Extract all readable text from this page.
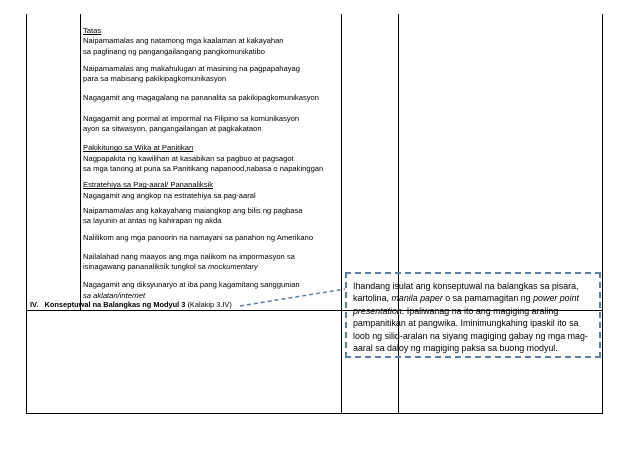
Tatas
Naipamamalas ang natamong mga kaalaman at kakayahan
sa paglinang ng pangangailangang pangkomunikatibo
Naipamamalas ang makahulugan at masining na pagpapahayag
para sa mabisang pakikipagkomunikasyon
Nagagamit ang magagalang na pananalita sa pakikipagkomunikasyon
Nagagamit ang pormal at impormal na Filipino sa komunikasyon
ayon sa sitwasyon, pangangailangan at pagkakataon
Pakikitungo sa Wika at Panitikan
Nagpapakita ng kawilihan at kasabikan sa pagbuo at pagsagot
sa mga tanong at puna sa Panitikang napanood,nabasa o napakinggan
Estratehiya sa Pag-aaral/ Pananaliksik
Nagagamit ang angkop na estratehiya sa pag-aaral
Naipamamalas ang kakayahang maiangkop ang bilis ng pagbasa
sa layunin at antas ng kahirapan ng akda
Nalilikom ang mga panoorin na namayani sa panahon ng Amerikano
Nailalahad nang maayos ang mga nalikom na impormasyon sa
isinagawang pananaliksik tungkol sa mockumentary
Nagagamit ang diksyunaryo at iba pang kagamitang sanggunian
sa aklatan/internet
IV. Konseptuwal na Balangkas ng Modyul 3 (Kalakip 3.IV)
Ihandang isulat ang konseptuwal na balangkas sa pisara, kartolina, manila paper o sa pamamagitan ng power point presentation. Ipaliwanag na ito ang magiging araling pampanitikan at pangwika. Iminimungkahing ipaskil ito sa loob ng silid-aralan na siyang magiging gabay ng mga mag-aaral sa daloy ng magiging paksa sa buong modyul.
